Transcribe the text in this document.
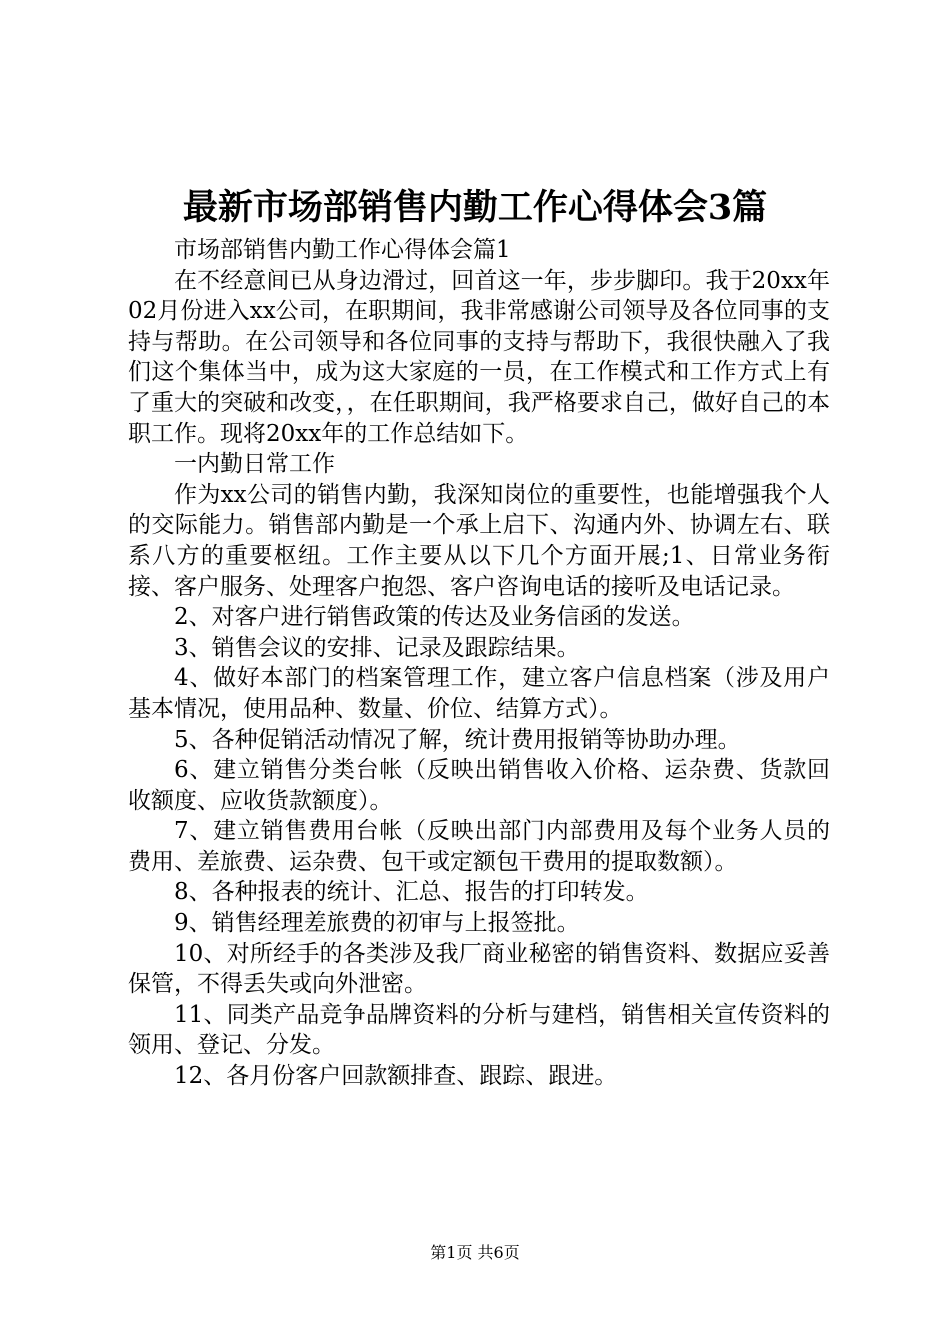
最新市场部销售内勤工作心得体会3篇

市场部销售内勤工作心得体会篇1

在不经意间已从身边滑过，回首这一年，步步脚印。我于20xx年02月份进入xx公司，在职期间，我非常感谢公司领导及各位同事的支持与帮助。在公司领导和各位同事的支持与帮助下，我很快融入了我们这个集体当中，成为这大家庭的一员，在工作模式和工作方式上有了重大的突破和改变，，在任职期间，我严格要求自己，做好自己的本职工作。现将20xx年的工作总结如下。

一内勤日常工作

作为xx公司的销售内勤，我深知岗位的重要性，也能增强我个人的交际能力。销售部内勤是一个承上启下、沟通内外、协调左右、联系八方的重要枢纽。工作主要从以下几个方面开展;1、日常业务衔接、客户服务、处理客户抱怨、客户咨询电话的接听及电话记录。

2、对客户进行销售政策的传达及业务信函的发送。

3、销售会议的安排、记录及跟踪结果。

4、做好本部门的档案管理工作，建立客户信息档案（涉及用户基本情况，使用品种、数量、价位、结算方式）。

5、各种促销活动情况了解，统计费用报销等协助办理。

6、建立销售分类台帐（反映出销售收入价格、运杂费、货款回收额度、应收货款额度）。

7、建立销售费用台帐（反映出部门内部费用及每个业务人员的费用、差旅费、运杂费、包干或定额包干费用的提取数额）。

8、各种报表的统计、汇总、报告的打印转发。

9、销售经理差旅费的初审与上报签批。

10、对所经手的各类涉及我厂商业秘密的销售资料、数据应妥善保管，不得丢失或向外泄密。

11、同类产品竞争品牌资料的分析与建档，销售相关宣传资料的领用、登记、分发。

12、各月份客户回款额排查、跟踪、跟进。

第1页 共6页
